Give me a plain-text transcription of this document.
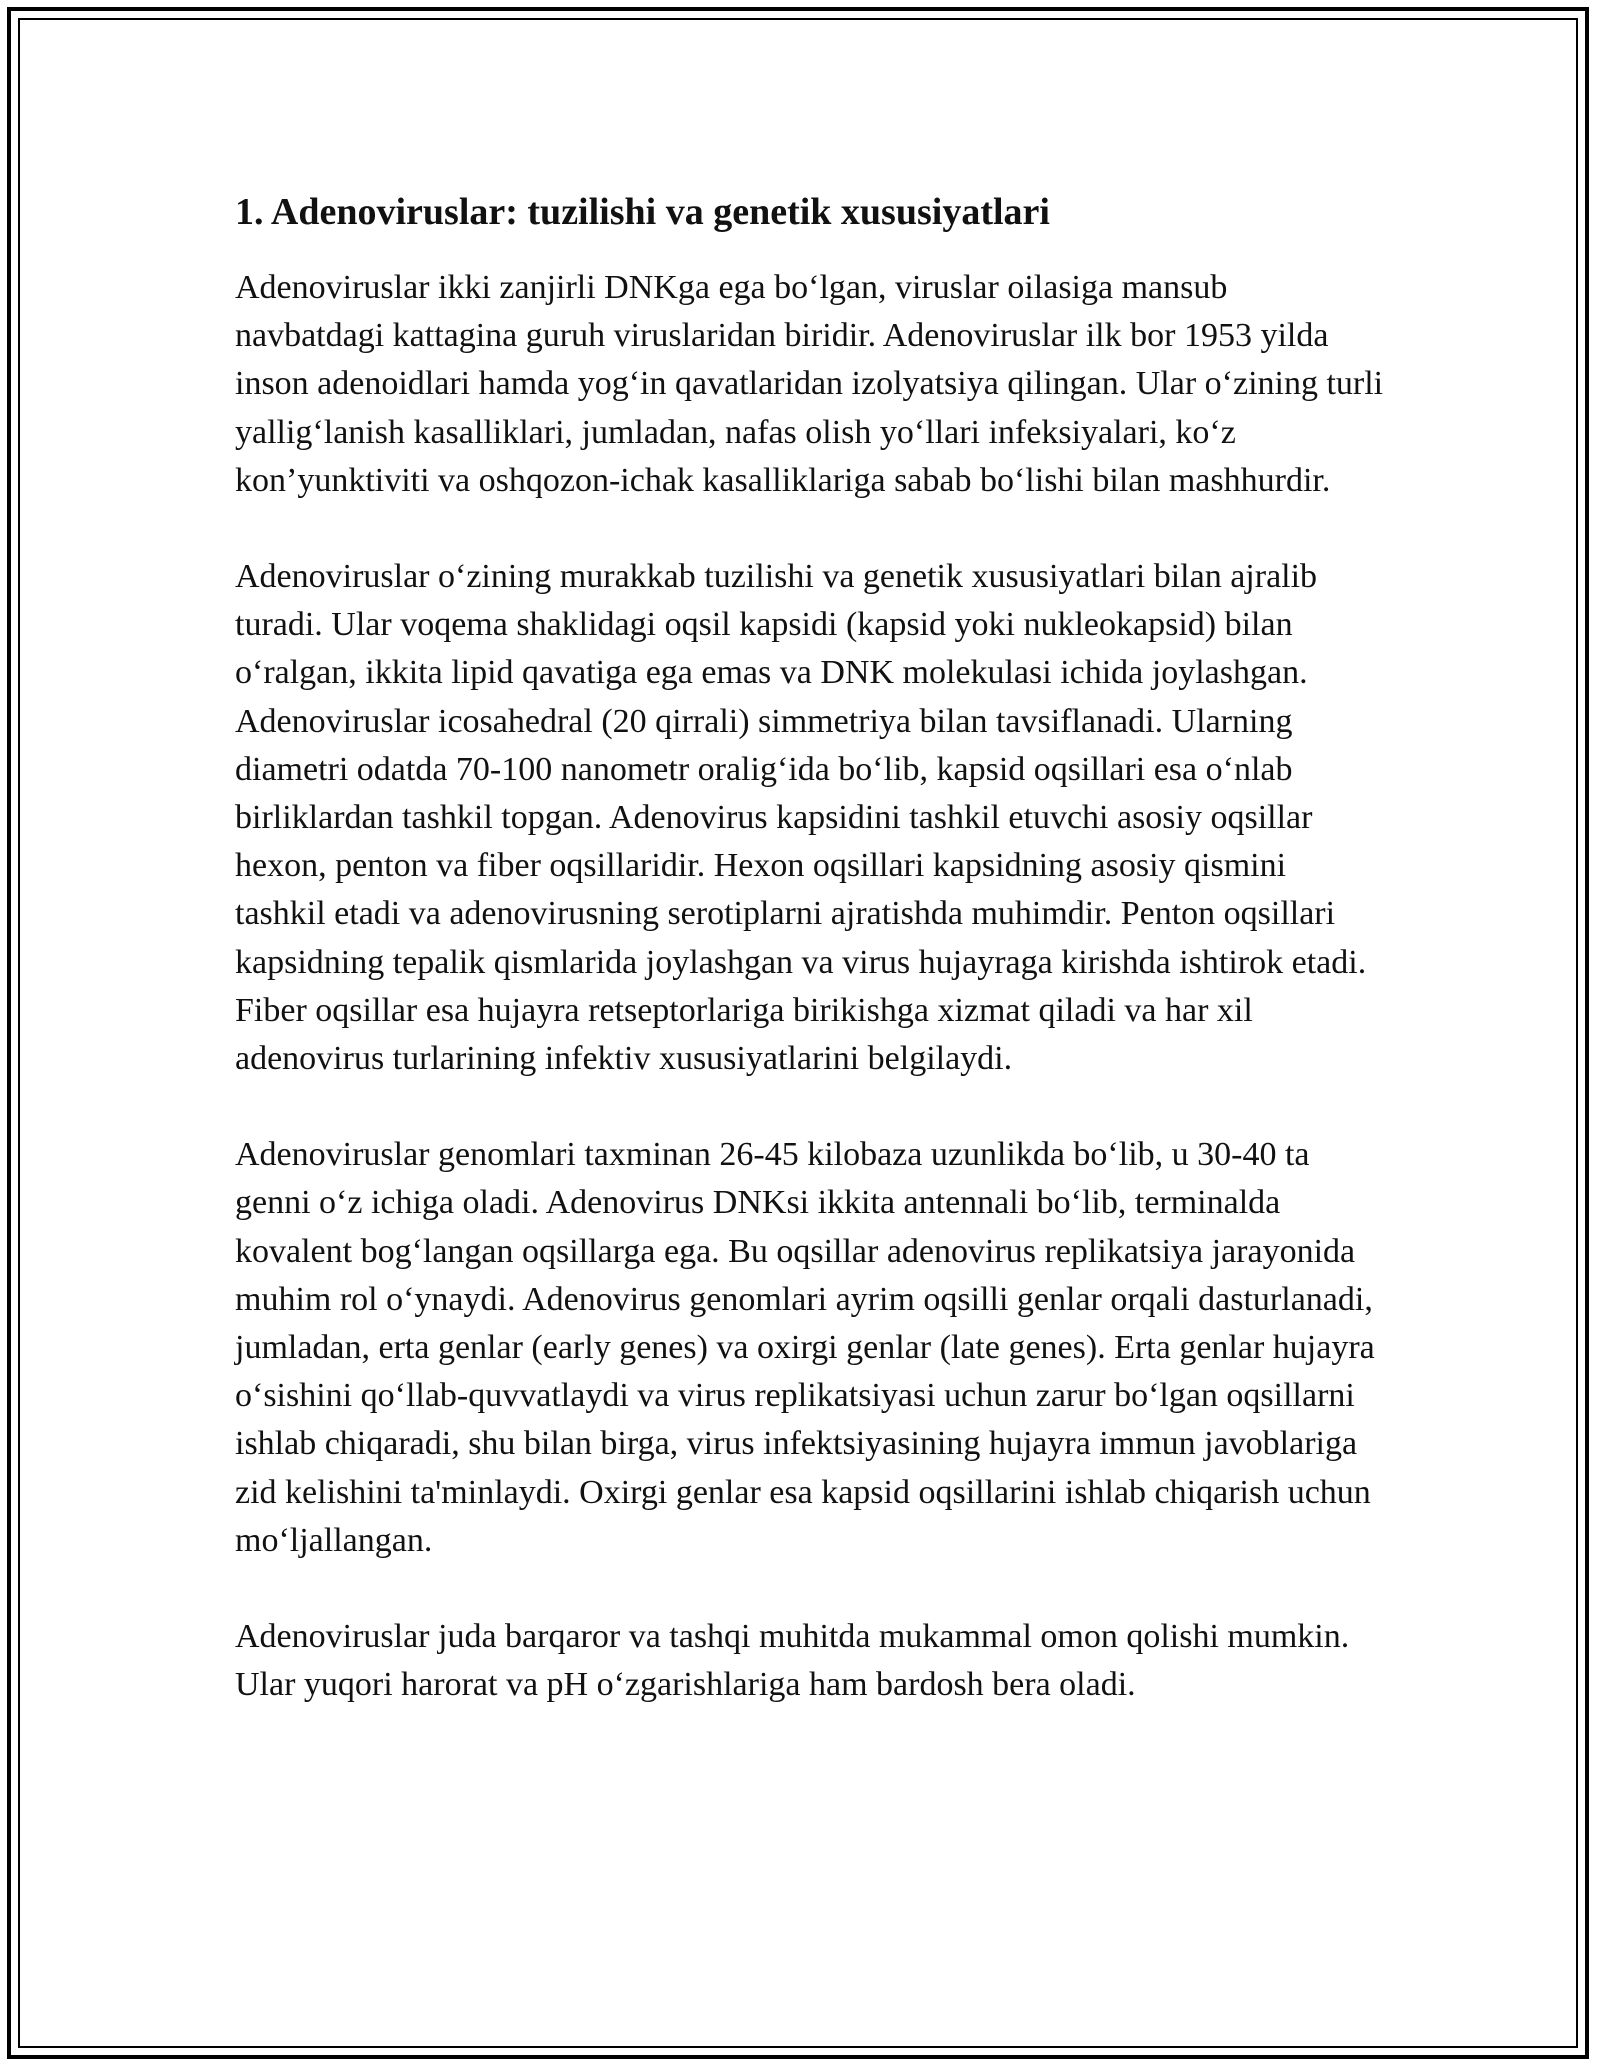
1. Adenoviruslar: tuzilishi va genetik xususiyatlari

Adenoviruslar ikki zanjirli DNKga ega bo‘lgan, viruslar oilasiga mansub navbatdagi kattagina guruh viruslaridan biridir. Adenoviruslar ilk bor 1953 yilda inson adenoidlari hamda yog‘in qavatlaridan izolyatsiya qilingan. Ular o‘zining turli yallig‘lanish kasalliklari, jumladan, nafas olish yo‘llari infeksiyalari, ko‘z kon’yunktiviti va oshqozon-ichak kasalliklariga sabab bo‘lishi bilan mashhurdir.

Adenoviruslar o‘zining murakkab tuzilishi va genetik xususiyatlari bilan ajralib turadi. Ular voqema shaklidagi oqsil kapsidi (kapsid yoki nukleokapsid) bilan o‘ralgan, ikkita lipid qavatiga ega emas va DNK molekulasi ichida joylashgan. Adenoviruslar icosahedral (20 qirrali) simmetriya bilan tavsiflanadi. Ularning diametri odatda 70-100 nanometr oralig‘ida bo‘lib, kapsid oqsillari esa o‘nlab birliklardan tashkil topgan. Adenovirus kapsidini tashkil etuvchi asosiy oqsillar hexon, penton va fiber oqsillaridir. Hexon oqsillari kapsidning asosiy qismini tashkil etadi va adenovirusning serotiplarni ajratishda muhimdir. Penton oqsillari kapsidning tepalik qismlarida joylashgan va virus hujayraga kirishda ishtirok etadi. Fiber oqsillar esa hujayra retseptorlariga birikishga xizmat qiladi va har xil adenovirus turlarining infektiv xususiyatlarini belgilaydi.

Adenoviruslar genomlari taxminan 26-45 kilobaza uzunlikda bo‘lib, u 30-40 ta genni o‘z ichiga oladi. Adenovirus DNKsi ikkita antennali bo‘lib, terminalda kovalent bog‘langan oqsillarga ega. Bu oqsillar adenovirus replikatsiya jarayonida muhim rol o‘ynaydi. Adenovirus genomlari ayrim oqsilli genlar orqali dasturlanadi, jumladan, erta genlar (early genes) va oxirgi genlar (late genes). Erta genlar hujayra o‘sishini qo‘llab-quvvatlaydi va virus replikatsiyasi uchun zarur bo‘lgan oqsillarni ishlab chiqaradi, shu bilan birga, virus infektsiyasining hujayra immun javoblariga zid kelishini ta'minlaydi. Oxirgi genlar esa kapsid oqsillarini ishlab chiqarish uchun mo‘ljallangan.

Adenoviruslar juda barqaror va tashqi muhitda mukammal omon qolishi mumkin. Ular yuqori harorat va pH o‘zgarishlariga ham bardosh bera oladi.
